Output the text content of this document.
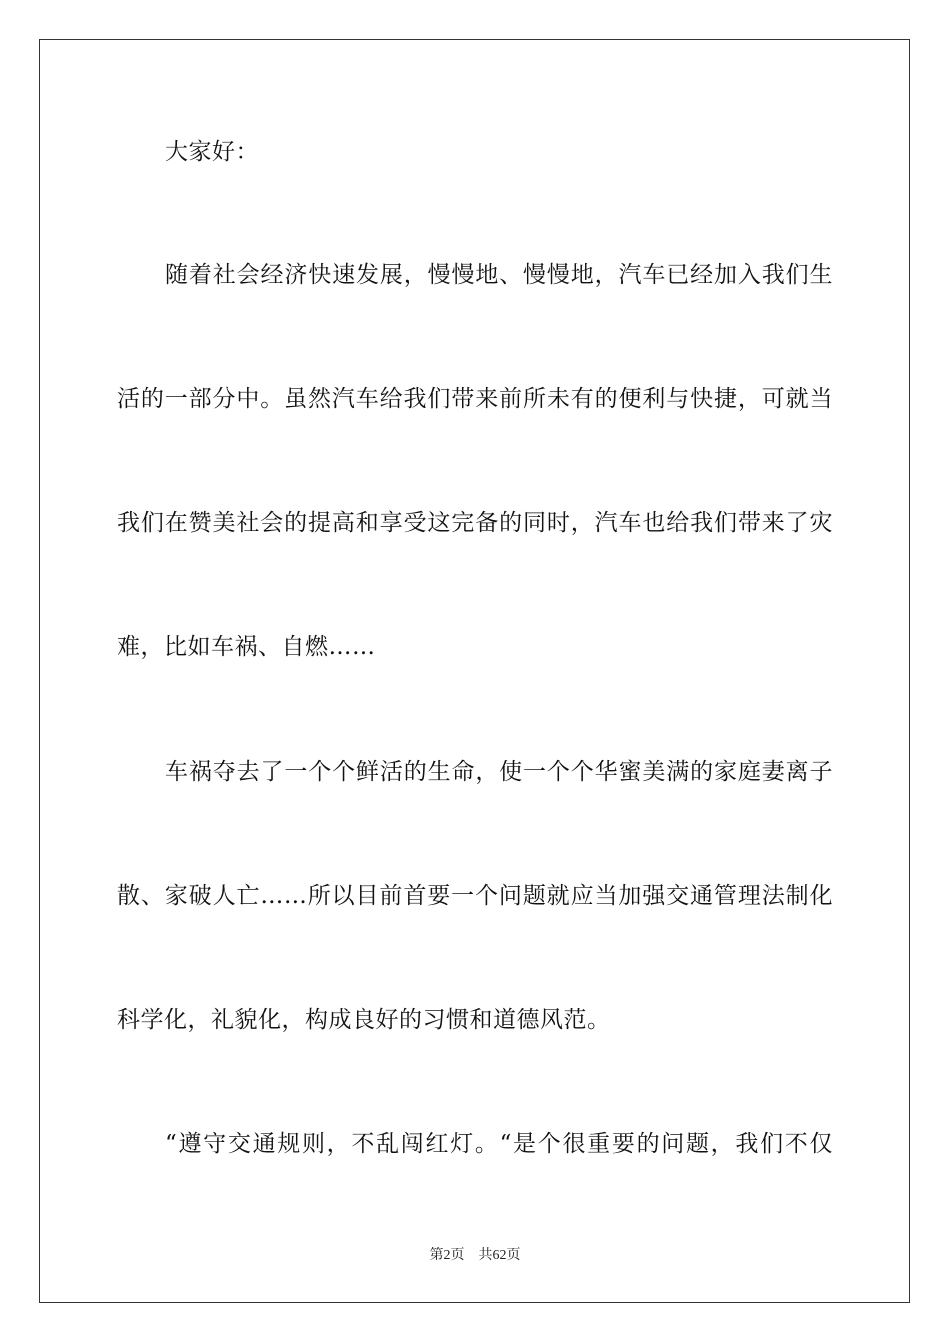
大家好：
随着社会经济快速发展，慢慢地、慢慢地，汽车已经加入我们生
活的一部分中。虽然汽车给我们带来前所未有的便利与快捷，可就当
我们在赞美社会的提高和享受这完备的同时，汽车也给我们带来了灾
难，比如车祸、自燃……
车祸夺去了一个个鲜活的生命，使一个个华蜜美满的家庭妻离子
散、家破人亡……所以目前首要一个问题就应当加强交通管理法制化
科学化，礼貌化，构成良好的习惯和道德风范。
“遵守交通规则，不乱闯红灯。“是个很重要的问题，我们不仅
第2页 共62页
